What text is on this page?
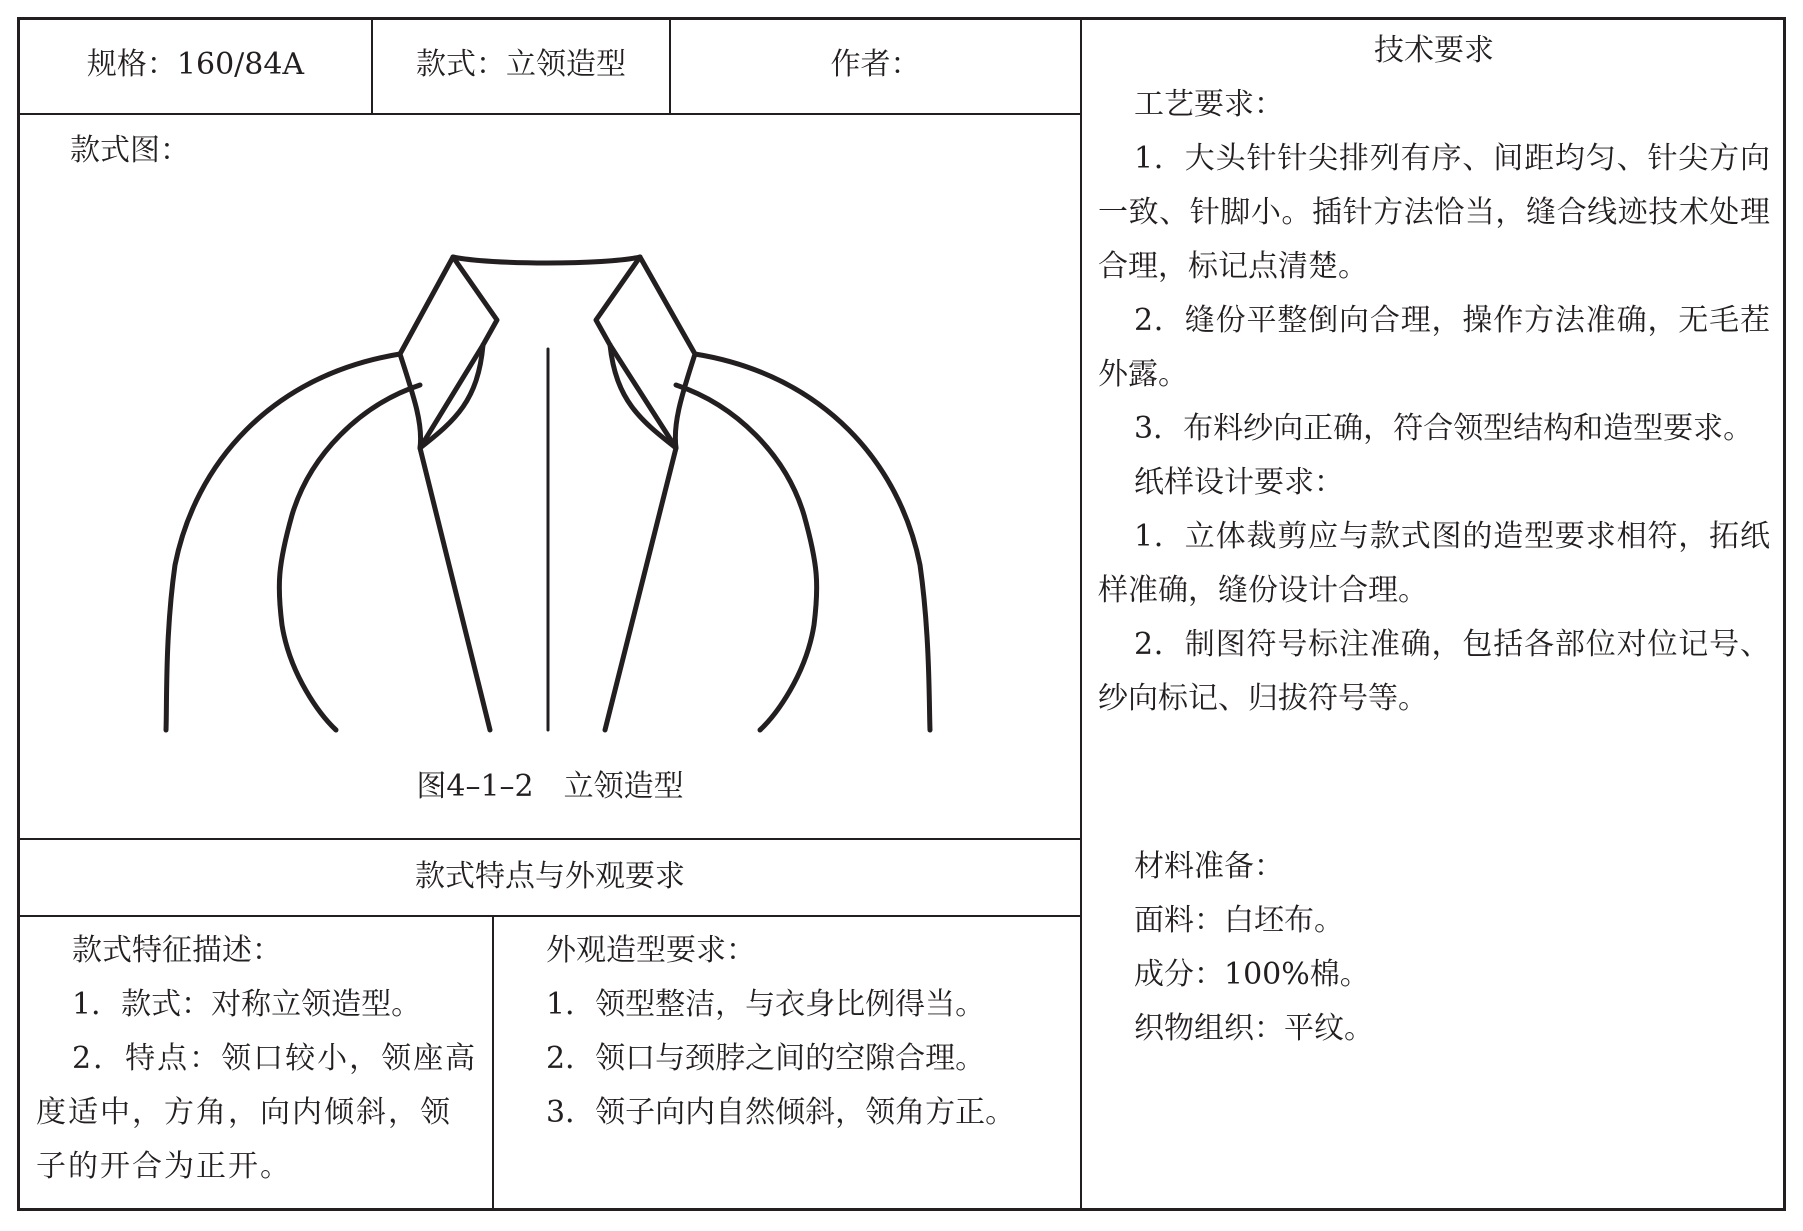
规格：160/84A	款式：立领造型	作者：
款式图：
图4–1–2　立领造型
款式特点与外观要求

款式特征描述：

1．款式：对称立领造型。

2．特点：领口较小，领座高度适中，方角，向内倾斜，领子的开合为正开。

外观造型要求：

1．领型整洁，与衣身比例得当。

2．领口与颈脖之间的空隙合理。

3．领子向内自然倾斜，领角方正。

技术要求

工艺要求：

1．大头针针尖排列有序、间距均匀、针尖方向一致、针脚小。插针方法恰当，缝合线迹技术处理合理，标记点清楚。

2．缝份平整倒向合理，操作方法准确，无毛茬外露。

3．布料纱向正确，符合领型结构和造型要求。

纸样设计要求：

1．立体裁剪应与款式图的造型要求相符，拓纸样准确，缝份设计合理。

2．制图符号标注准确，包括各部位对位记号、纱向标记、归拔符号等。

材料准备：

面料：白坯布。

成分：100%棉。

织物组织：平纹。
